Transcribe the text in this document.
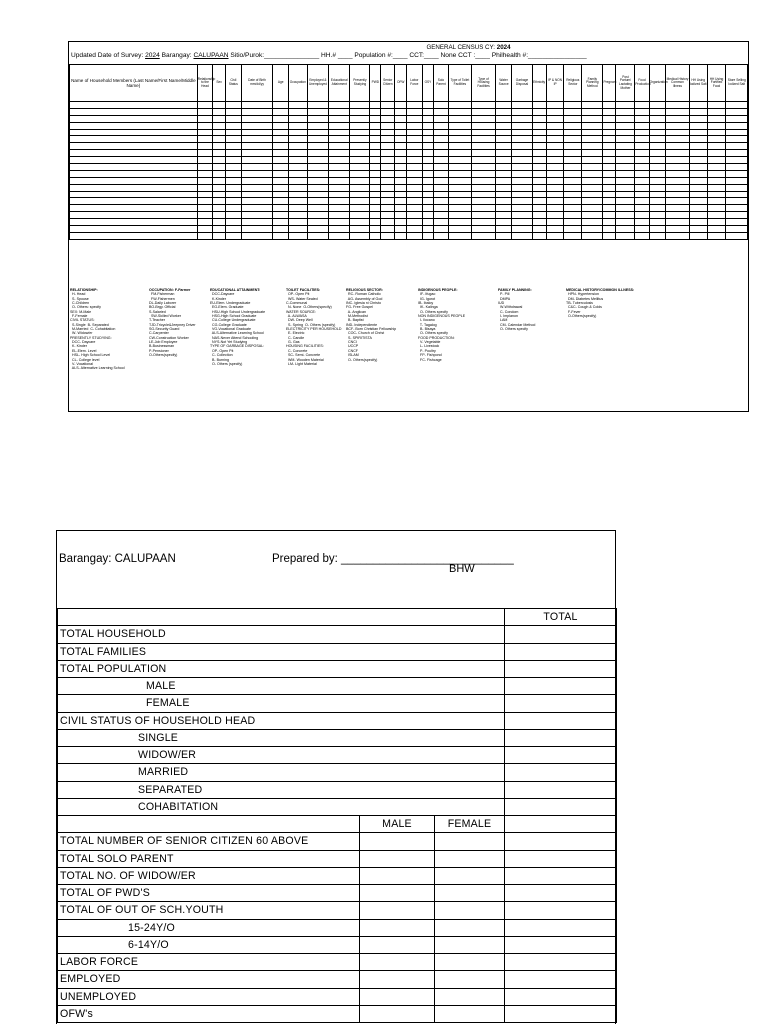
GENERAL CENSUS CY: 2024
Updated Date of Survey: 2024 Barangay: CALUPAAN Sitio/Purok:_______________ HH.# ____ Population #:____ CCT:____ None CCT :____ Philhealth #:________________
Name of Household Members (Last Name/First Name/Middle Name)	Relationship to the Head	Sex	Civil Status	Date of Birth mm/dd/yy	Age	Occupation	Employed & Unemployed	Educational Attainment	Presently Studying	PWD	Senior Citizen	OFW	Labor Force	OSY	Solo Parent	Type of Toilet Facilities	Type of Housing Facilities	Water Source	Garbage Disposal	Ethnicity	IP & NON IP	Religious Sector	Family Planning Method	Pregnant	Post Partum/ Lactating Mother	Food Production	Organization	Medical History Common Illness	HH Using Iodized Salt	HH Using Fortified Food	Store Selling Iodized Salt

RELATIONSHIP:
H- Head
S- Spouse
C-Children
O- Others: specify
SEX: M-Male
F-Female
CIVIL STATUS:
S-Single  B- Separated
M-Married  C- Cohabitation
W- Widow/er
PRESENTLY STUDYING:
DCC- Daycare
K- Kinder
EL-Elem. Level
HSL- High School Level
CL- College level
V- Vocational
ALS- Alternative Learning School
OCCUPATION: F-Farmer
FM-Fisherman
FW-Fishermen
DL-Daily Laborer
BO-Brgy. Official
S-Salaried
SW-Skilled Worker
T-Teacher
TJD-Tricycle&Jeepney Driver
SG-Security Guard
C-Carpenter
CW-Construction Worker
LE-Job Employee
B-Businessman
P-Pensioner
O-Others(specify)
EDUCATIONAL ATTAINMENT:
DCC-Daycare
K-Kinder
EU-Elem. Undergraduate
EG-Elem. Graduate
HSU-High School Undergraduate
HSG-High School Graduate
CU-College Undergraduate
CG-College Graduate
VG-Vocational Graduate
ALS-Alternative Learning School
NAS-Never Attend Schooling
NYS-Not Yet Studying
TYPE OF GARBAGE DISPOSAL:
OP- Open Pit
C- Collection
B- Burning
O- Others (specify)
TOILET FACILITIES:
OP- Open Pit
WS- Water Sealed
C-Communal
N- None  O-Others(specify)
WATER SOURCE:
A- ALWASA
DW- Deep Well
S- Spring  O- Others (specify)
ELECTRICITY PER HOUSEHOLD
E- Electric
C- Candle
G- Gas
HOUSING FACILITIES:
C- Concrete
SC- Semi- Concrete
WM- Wooden Material
LM- Light Material
RELIGIOUS SECTOR:
RC- Roman Catholic
AG- Assembly of God
INC- Iglesia ni Christo
FG- Free Gospel
A- Anglican
M-Methodist
B- Baptist
IND- Independiente
BCF- Born Christian Fellowship
COC- Church of Christ
S- SPIRITISTA
CNCI
UCCP
CNCF
ISLAM
O- Others(specify)
INDIGENOUS PEOPLE:
IF- Ifugao
IG- Igorot
IB- Ibaloy
IK- Kalinga
O- Others specify
NON INDIGENOUS PEOPLE
I- Ilocano
T- Tagalog
B- Bisaya
O- Others specify
FOOD PRODUCTION:
V- Vegetable
L- Livestock
P- Poultry
FP- Fishpond
FC- Fishcage
FAMILY PLANNING:
P- Pill
DMPA
IUD
W-Withdrawal
C- Condom
I- Implanon
LAM
CM- Calendar Method
O- Others specify
MEDICAL HISTORY/COMMON ILLNESS:
HPN- Hypertension
DM- Diabetes Mellitus
TB- Tuberculosis
C&C- Cough & Colds
F-Fever
O-Others(specify)
Barangay: CALUPAAN	Prepared by: ___________________________
BHW
			TOTAL
TOTAL HOUSEHOLD			
TOTAL FAMILIES			
TOTAL POPULATION			
MALE			
FEMALE			
CIVIL STATUS OF HOUSEHOLD HEAD			
SINGLE			
WIDOW/ER			
MARRIED			
SEPARATED			
COHABITATION			
	MALE	FEMALE	
TOTAL NUMBER OF SENIOR CITIZEN 60 ABOVE			
TOTAL SOLO PARENT			
TOTAL NO. OF WIDOW/ER			
TOTAL OF PWD'S			
TOTAL OF OUT OF SCH.YOUTH			
15-24Y/O			
6-14Y/O			
LABOR FORCE			
EMPLOYED			
UNEMPLOYED			
OFW's			
